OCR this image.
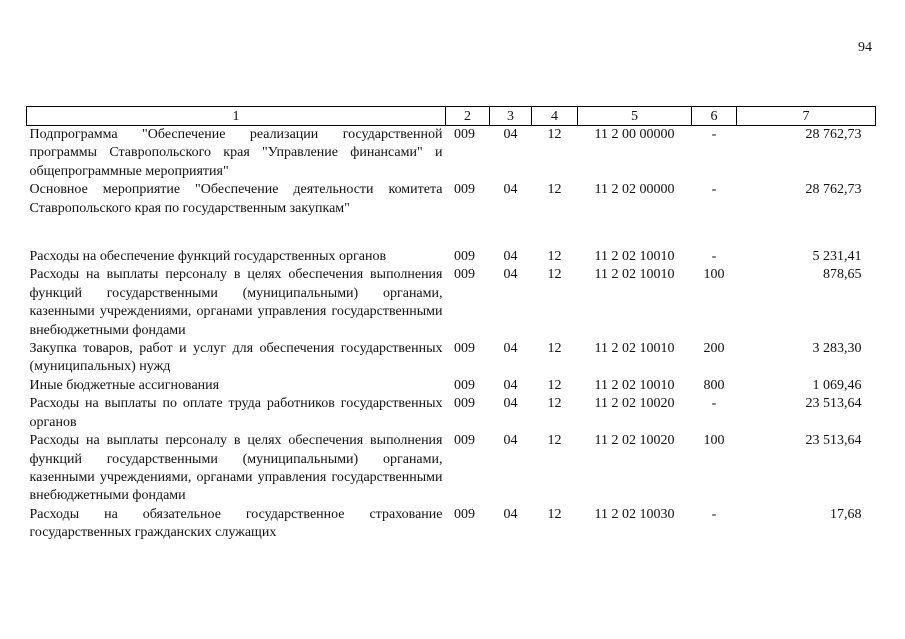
94
1	2	3	4	5	6	7
Подпрограмма "Обеспечение реализации государственной программы Ставропольского края "Управление финансами" и общепрограммные мероприятия"	009	04	12	11 2 00 00000	-	28 762,73
Основное мероприятие "Обеспечение деятельности комитета Ставропольского края по государственным закупкам"	009	04	12	11 2 02 00000	-	28 762,73
Расходы на обеспечение функций государственных органов	009	04	12	11 2 02 10010	-	5 231,41
Расходы на выплаты персоналу в целях обеспечения выполнения функций государственными (муниципальными) органами, казенными учреждениями, органами управления государственными внебюджетными фондами	009	04	12	11 2 02 10010	100	878,65
Закупка товаров, работ и услуг для обеспечения государственных (муниципальных) нужд	009	04	12	11 2 02 10010	200	3 283,30
Иные бюджетные ассигнования	009	04	12	11 2 02 10010	800	1 069,46
Расходы на выплаты по оплате труда работников государственных органов	009	04	12	11 2 02 10020	-	23 513,64
Расходы на выплаты персоналу в целях обеспечения выполнения функций государственными (муниципальными) органами, казенными учреждениями, органами управления государственными внебюджетными фондами	009	04	12	11 2 02 10020	100	23 513,64
Расходы на обязательное государственное страхование государственных гражданских служащих	009	04	12	11 2 02 10030	-	17,68
